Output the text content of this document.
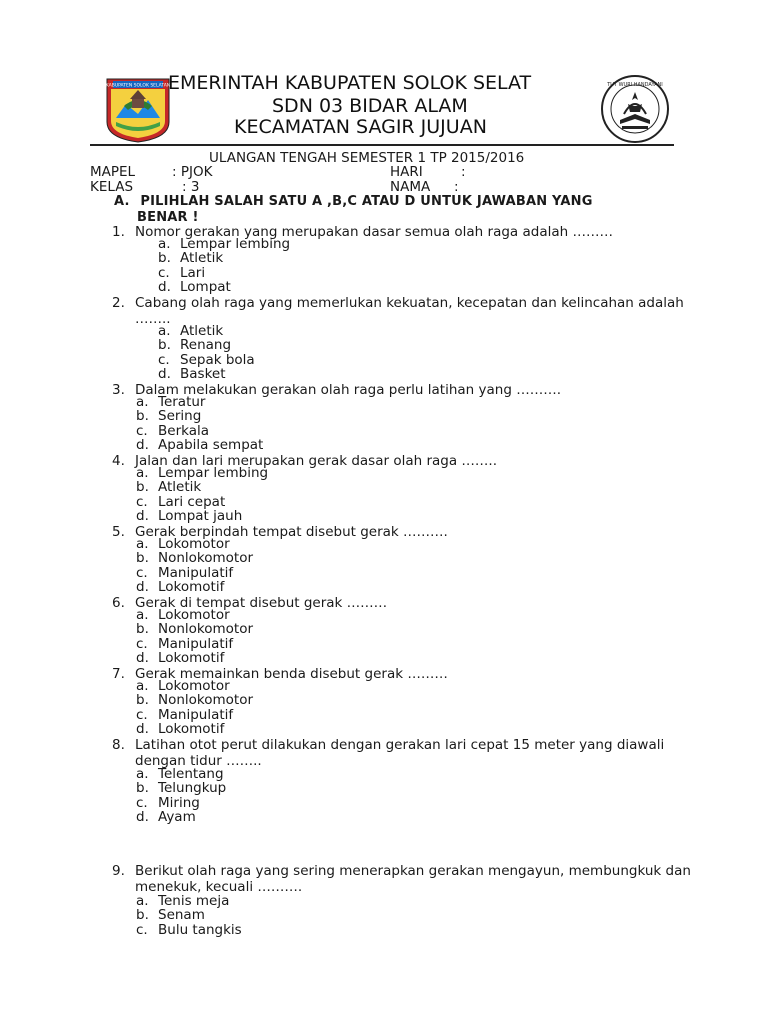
KABUPATEN SOLOK SELATAN	TUT WURI HANDAYANI
EMERINTAH KABUPATEN SOLOK SELAT
SDN 03 BIDAR ALAM
KECAMATAN SAGIR JUJUAN
ULANGAN TENGAH SEMESTER 1 TP 2015/2016
MAPEL	: PJOK	HARI	:
KELAS	: 3	NAMA :
A. PILIHLAH SALAH SATU A ,B,C ATAU D UNTUK JAWABAN YANG
BENAR !
1. Nomor gerakan yang merupakan dasar semua olah raga adalah ………
a. Lempar lembing
b. Atletik
c. Lari
d. Lompat
2. Cabang olah raga yang memerlukan kekuatan, kecepatan dan kelincahan adalah ……..
a. Atletik
b. Renang
c. Sepak bola
d. Basket
3. Dalam melakukan gerakan olah raga perlu latihan yang ……….
a. Teratur
b. Sering
c. Berkala
d. Apabila sempat
4. Jalan dan lari merupakan gerak dasar olah raga ……..
a. Lempar lembing
b. Atletik
c. Lari cepat
d. Lompat jauh
5. Gerak berpindah tempat disebut gerak ……….
a. Lokomotor
b. Nonlokomotor
c. Manipulatif
d. Lokomotif
6. Gerak di tempat disebut gerak ………
a. Lokomotor
b. Nonlokomotor
c. Manipulatif
d. Lokomotif
7. Gerak memainkan benda disebut gerak ………
a. Lokomotor
b. Nonlokomotor
c. Manipulatif
d. Lokomotif
8. Latihan otot perut dilakukan dengan gerakan lari cepat 15 meter yang diawali dengan tidur ……..
a. Telentang
b. Telungkup
c. Miring
d. Ayam
9. Berikut olah raga yang sering menerapkan gerakan mengayun, membungkuk dan menekuk, kecuali ……….
a. Tenis meja
b. Senam
c. Bulu tangkis
